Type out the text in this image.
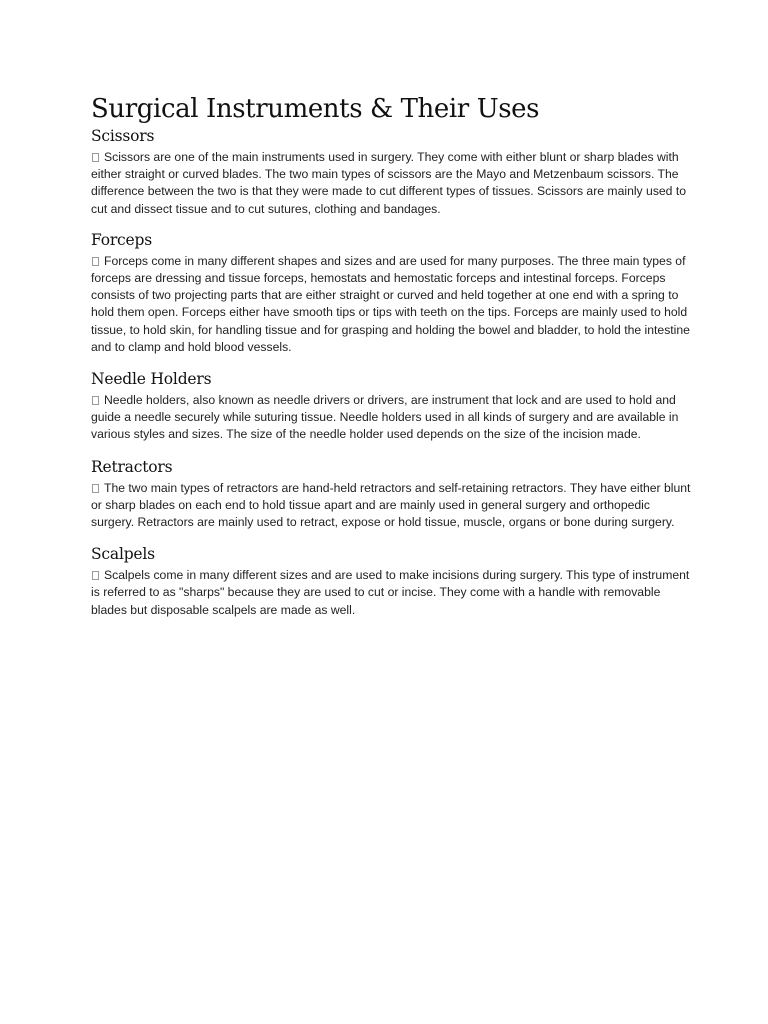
Surgical Instruments & Their Uses
Scissors

Scissors are one of the main instruments used in surgery. They come with either blunt or sharp blades with either straight or curved blades. The two main types of scissors are the Mayo and Metzenbaum scissors. The difference between the two is that they were made to cut different types of tissues. Scissors are mainly used to cut and dissect tissue and to cut sutures, clothing and bandages.

Forceps

Forceps come in many different shapes and sizes and are used for many purposes. The three main types of forceps are dressing and tissue forceps, hemostats and hemostatic forceps and intestinal forceps. Forceps consists of two projecting parts that are either straight or curved and held together at one end with a spring to hold them open. Forceps either have smooth tips or tips with teeth on the tips. Forceps are mainly used to hold tissue, to hold skin, for handling tissue and for grasping and holding the bowel and bladder, to hold the intestine and to clamp and hold blood vessels.

Needle Holders

Needle holders, also known as needle drivers or drivers, are instrument that lock and are used to hold and guide a needle securely while suturing tissue. Needle holders used in all kinds of surgery and are available in various styles and sizes. The size of the needle holder used depends on the size of the incision made.

Retractors

The two main types of retractors are hand-held retractors and self-retaining retractors. They have either blunt or sharp blades on each end to hold tissue apart and are mainly used in general surgery and orthopedic surgery. Retractors are mainly used to retract, expose or hold tissue, muscle, organs or bone during surgery.

Scalpels

Scalpels come in many different sizes and are used to make incisions during surgery. This type of instrument is referred to as "sharps" because they are used to cut or incise. They come with a handle with removable blades but disposable scalpels are made as well.
